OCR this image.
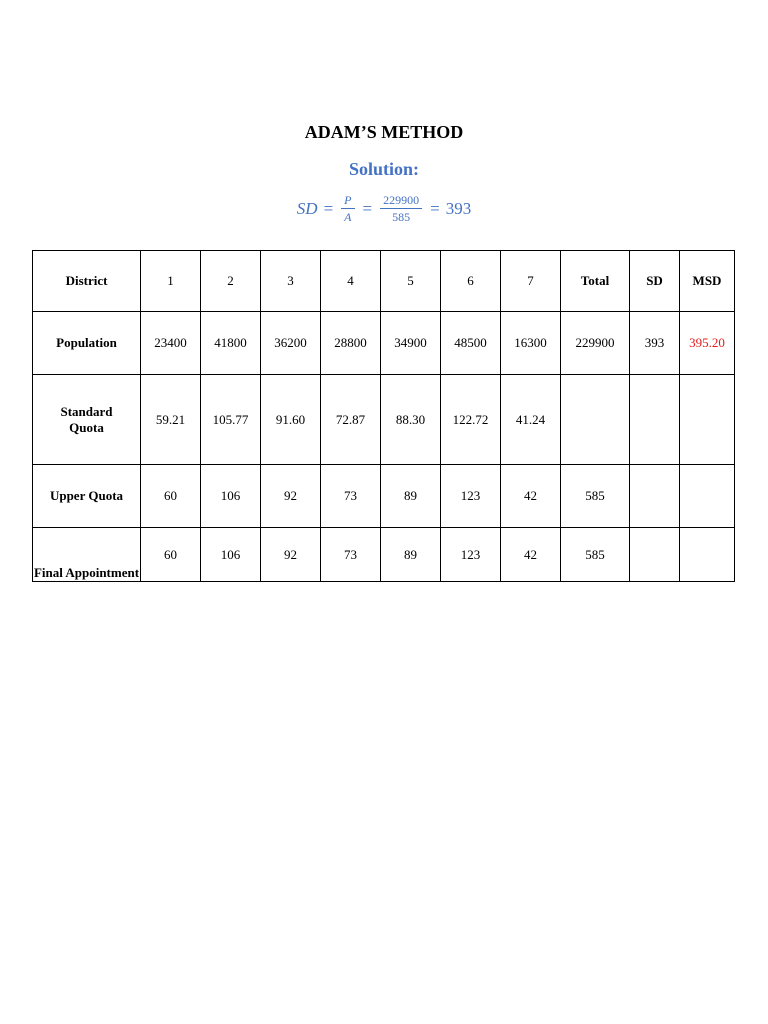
ADAM’S METHOD
Solution:
SD = $\frac{P}{A} = \frac{229900}{585} = 393$
District	1	2	3	4	5	6	7	Total	SD	MSD
Population	23400	41800	36200	28800	34900	48500	16300	229900	393	395.20
Standard Quota	59.21	105.77	91.60	72.87	88.30	122.72	41.24			
Upper Quota	60	106	92	73	89	123	42	585		
Final Appointment	60	106	92	73	89	123	42	585		
